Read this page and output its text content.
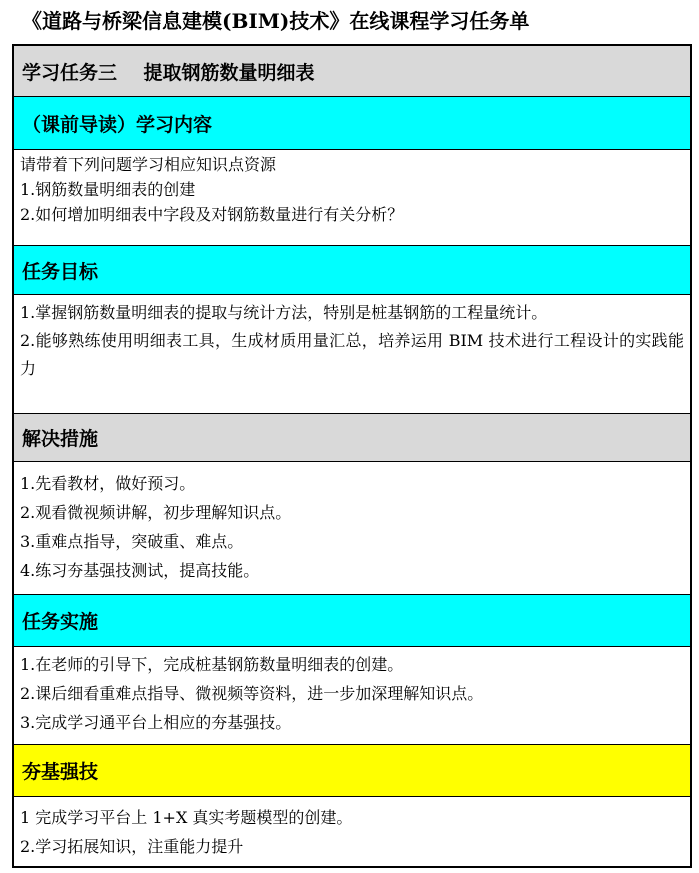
《道路与桥梁信息建模(BIM)技术》在线课程学习任务单
学习任务三    提取钢筋数量明细表
（课前导读）学习内容

请带着下列问题学习相应知识点资源

1.钢筋数量明细表的创建

2.如何增加明细表中字段及对钢筋数量进行有关分析？

任务目标

1.掌握钢筋数量明细表的提取与统计方法，特别是桩基钢筋的工程量统计。

2.能够熟练使用明细表工具，生成材质用量汇总，培养运用 BIM 技术进行工程设计的实践能力

解决措施

1.先看教材，做好预习。

2.观看微视频讲解，初步理解知识点。

3.重难点指导，突破重、难点。

4.练习夯基强技测试，提高技能。

任务实施

1.在老师的引导下，完成桩基钢筋数量明细表的创建。

2.课后细看重难点指导、微视频等资料，进一步加深理解知识点。

3.完成学习通平台上相应的夯基强技。

夯基强技

1 完成学习平台上 1+X 真实考题模型的创建。

2.学习拓展知识，注重能力提升
